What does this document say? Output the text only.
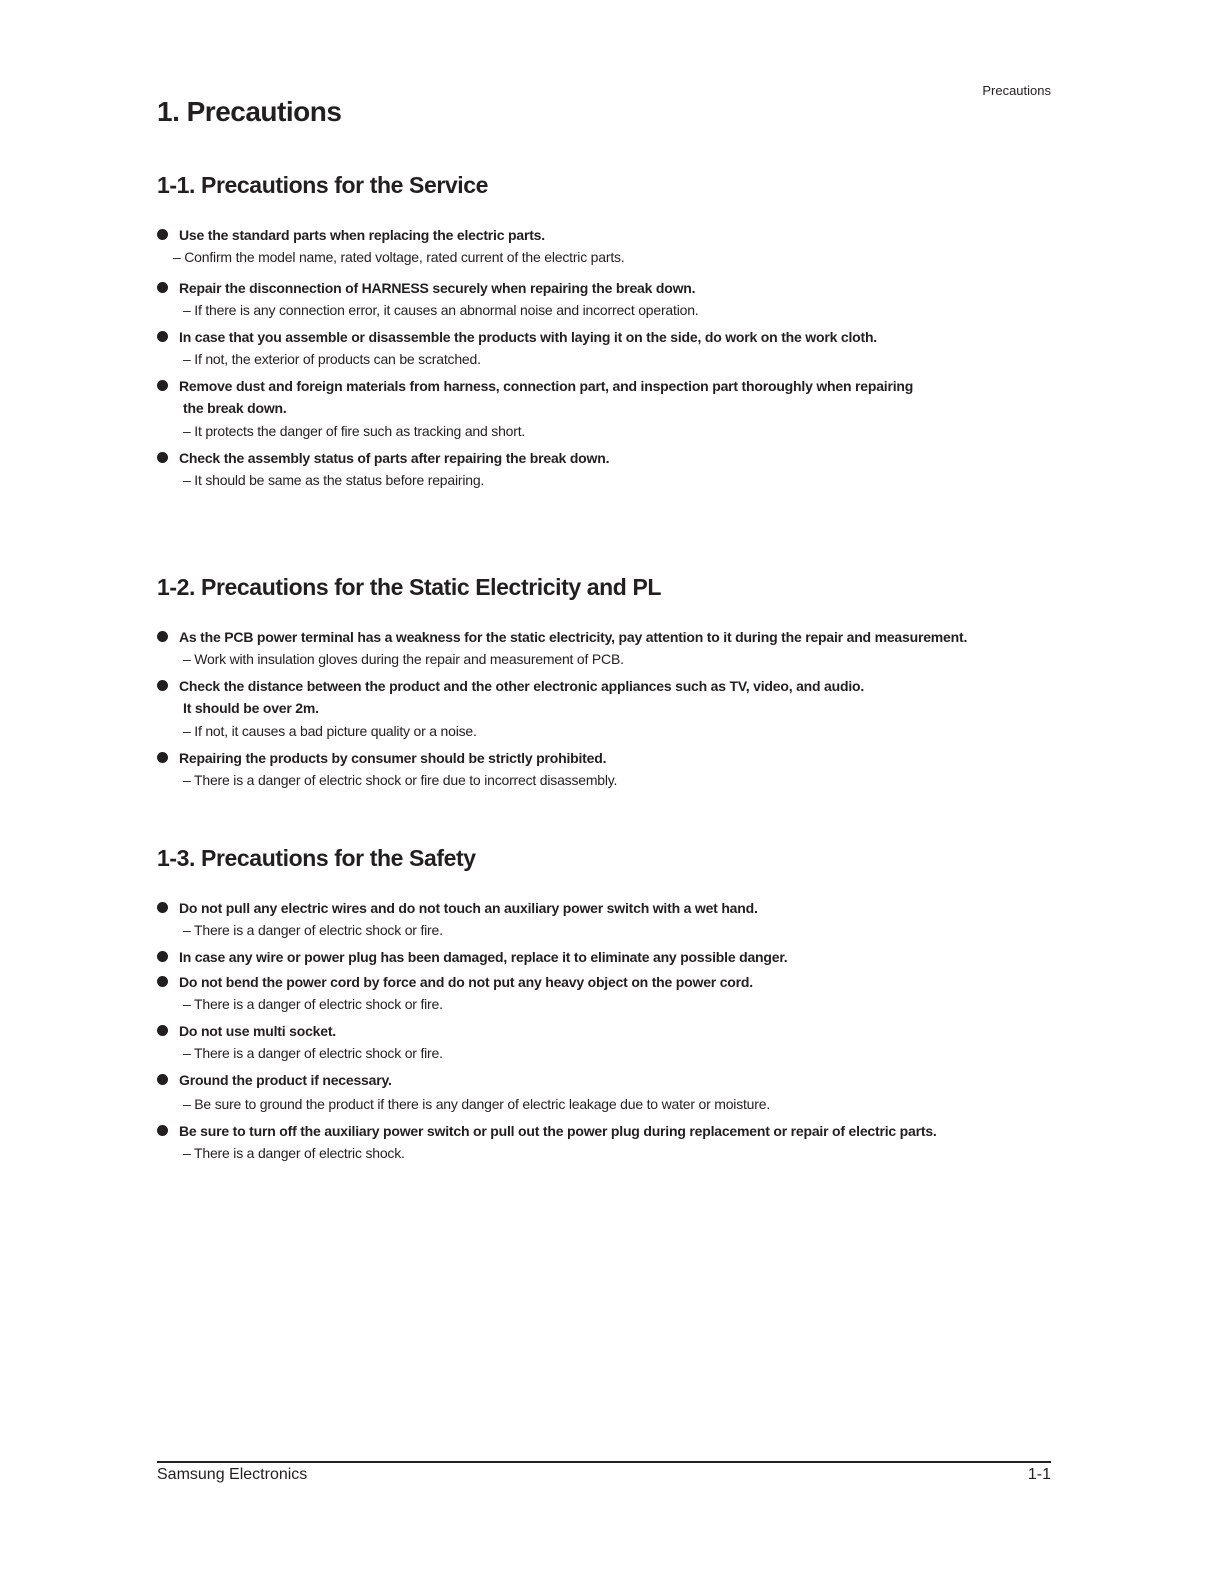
Precautions
1. Precautions
1-1. Precautions for the Service
Use the standard parts when replacing the electric parts.
– Confirm the model name, rated voltage, rated current of the electric parts.
Repair the disconnection of HARNESS securely when repairing the break down.
– If there is any connection error, it causes an abnormal noise and incorrect operation.
In case that you assemble or disassemble the products with laying it on the side, do work on the work cloth.
– If not, the exterior of products can be scratched.
Remove dust and foreign materials from harness, connection part, and inspection part thoroughly when repairing
the break down.
– It protects the danger of fire such as tracking and short.
Check the assembly status of parts after repairing the break down.
– It should be same as the status before repairing.
1-2. Precautions for the Static Electricity and PL
As the PCB power terminal has a weakness for the static electricity, pay attention to it during the repair and measurement.
– Work with insulation gloves during the repair and measurement of PCB.
Check the distance between the product and the other electronic appliances such as TV, video, and audio.
It should be over 2m.
– If not, it causes a bad picture quality or a noise.
Repairing the products by consumer should be strictly prohibited.
– There is a danger of electric shock or fire due to incorrect disassembly.
1-3. Precautions for the Safety
Do not pull any electric wires and do not touch an auxiliary power switch with a wet hand.
– There is a danger of electric shock or fire.
In case any wire or power plug has been damaged, replace it to eliminate any possible danger.
Do not bend the power cord by force and do not put any heavy object on the power cord.
– There is a danger of electric shock or fire.
Do not use multi socket.
– There is a danger of electric shock or fire.
Ground the product if necessary.
– Be sure to ground the product if there is any danger of electric leakage due to water or moisture.
Be sure to turn off the auxiliary power switch or pull out the power plug during replacement or repair of electric parts.
– There is a danger of electric shock.
Samsung Electronics	1-1
